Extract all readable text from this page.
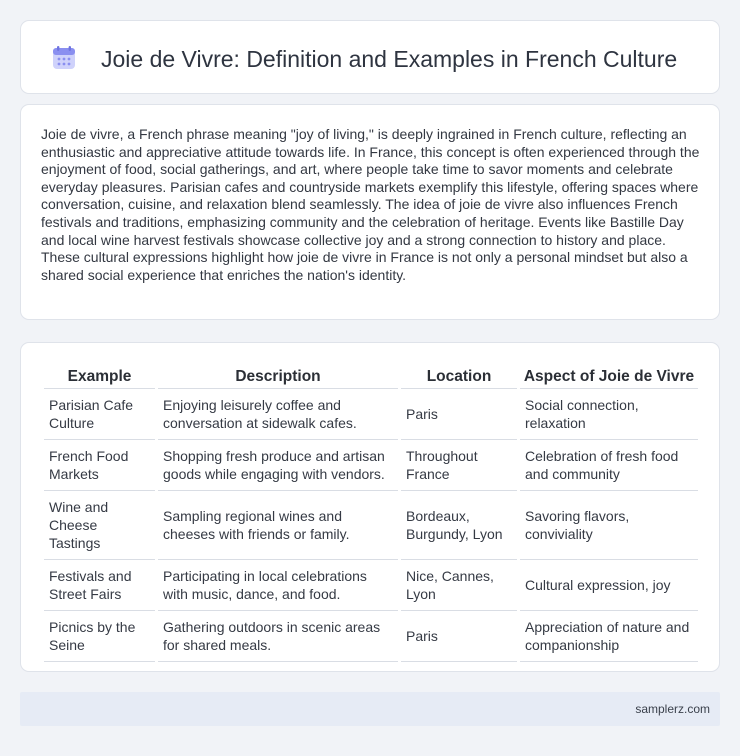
Joie de Vivre: Definition and Examples in French Culture

Joie de vivre, a French phrase meaning "joy of living," is deeply ingrained in French culture, reflecting an enthusiastic and appreciative attitude towards life. In France, this concept is often experienced through the enjoyment of food, social gatherings, and art, where people take time to savor moments and celebrate everyday pleasures. Parisian cafes and countryside markets exemplify this lifestyle, offering spaces where conversation, cuisine, and relaxation blend seamlessly. The idea of joie de vivre also influences French festivals and traditions, emphasizing community and the celebration of heritage. Events like Bastille Day and local wine harvest festivals showcase collective joy and a strong connection to history and place. These cultural expressions highlight how joie de vivre in France is not only a personal mindset but also a shared social experience that enriches the nation's identity.

Example	Description	Location	Aspect of Joie de Vivre
Parisian Cafe Culture	Enjoying leisurely coffee and conversation at sidewalk cafes.	Paris	Social connection, relaxation
French Food Markets	Shopping fresh produce and artisan goods while engaging with vendors.	Throughout France	Celebration of fresh food and community
Wine and Cheese Tastings	Sampling regional wines and cheeses with friends or family.	Bordeaux, Burgundy, Lyon	Savoring flavors, conviviality
Festivals and Street Fairs	Participating in local celebrations with music, dance, and food.	Nice, Cannes, Lyon	Cultural expression, joy
Picnics by the Seine	Gathering outdoors in scenic areas for shared meals.	Paris	Appreciation of nature and companionship
samplerz.com
